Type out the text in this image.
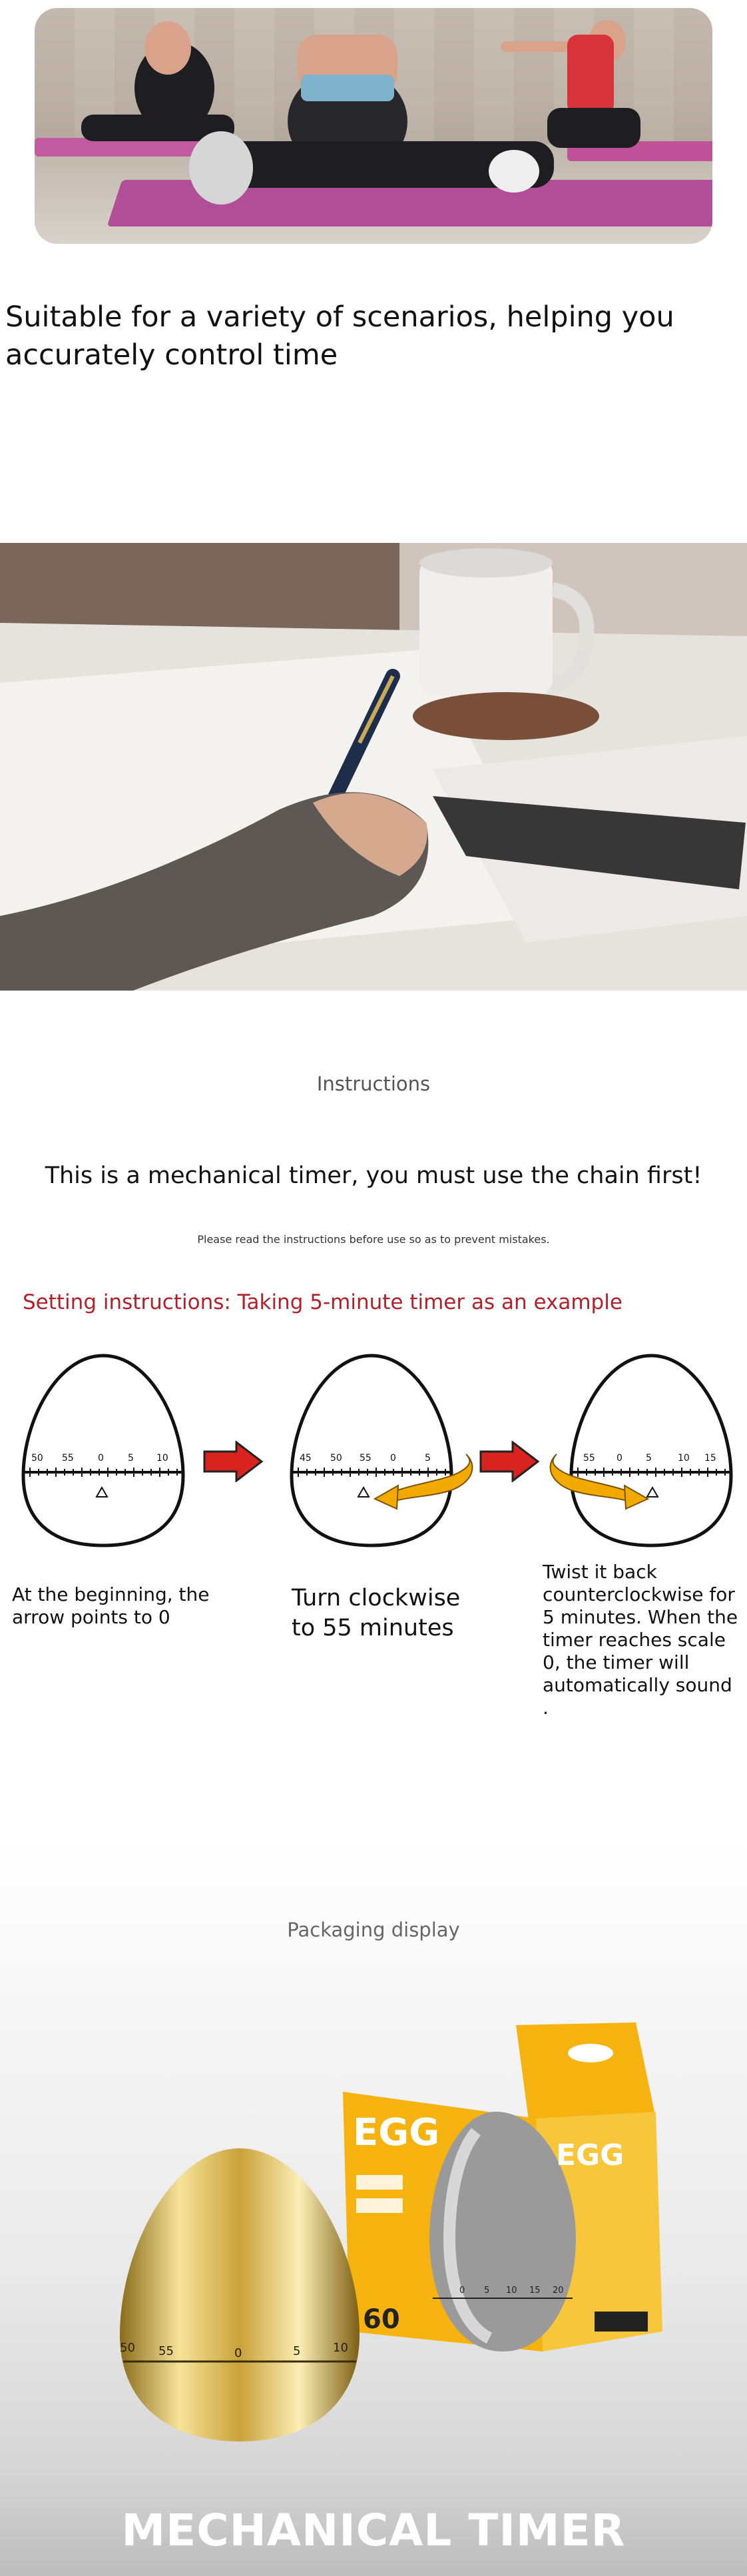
Suitable for a variety of scenarios, helping you
accurately control time
Instructions
This is a mechanical timer, you must use the chain first!
Please read the instructions before use so as to prevent mistakes.
Setting instructions: Taking 5-minute timer as an example
50 55	0	5 10	45 50 55 0	5	55 0	5	10 15
At the beginning, the arrow points to 0
Turn clockwise to 55 minutes
Twist it back counterclockwise for 5 minutes. When the timer reaches scale 0, the timer will automatically sound .
Packaging display
0 5 10 15 20
EGG
EGG
60
50 55	0	5	10
MECHANICAL TIMER
